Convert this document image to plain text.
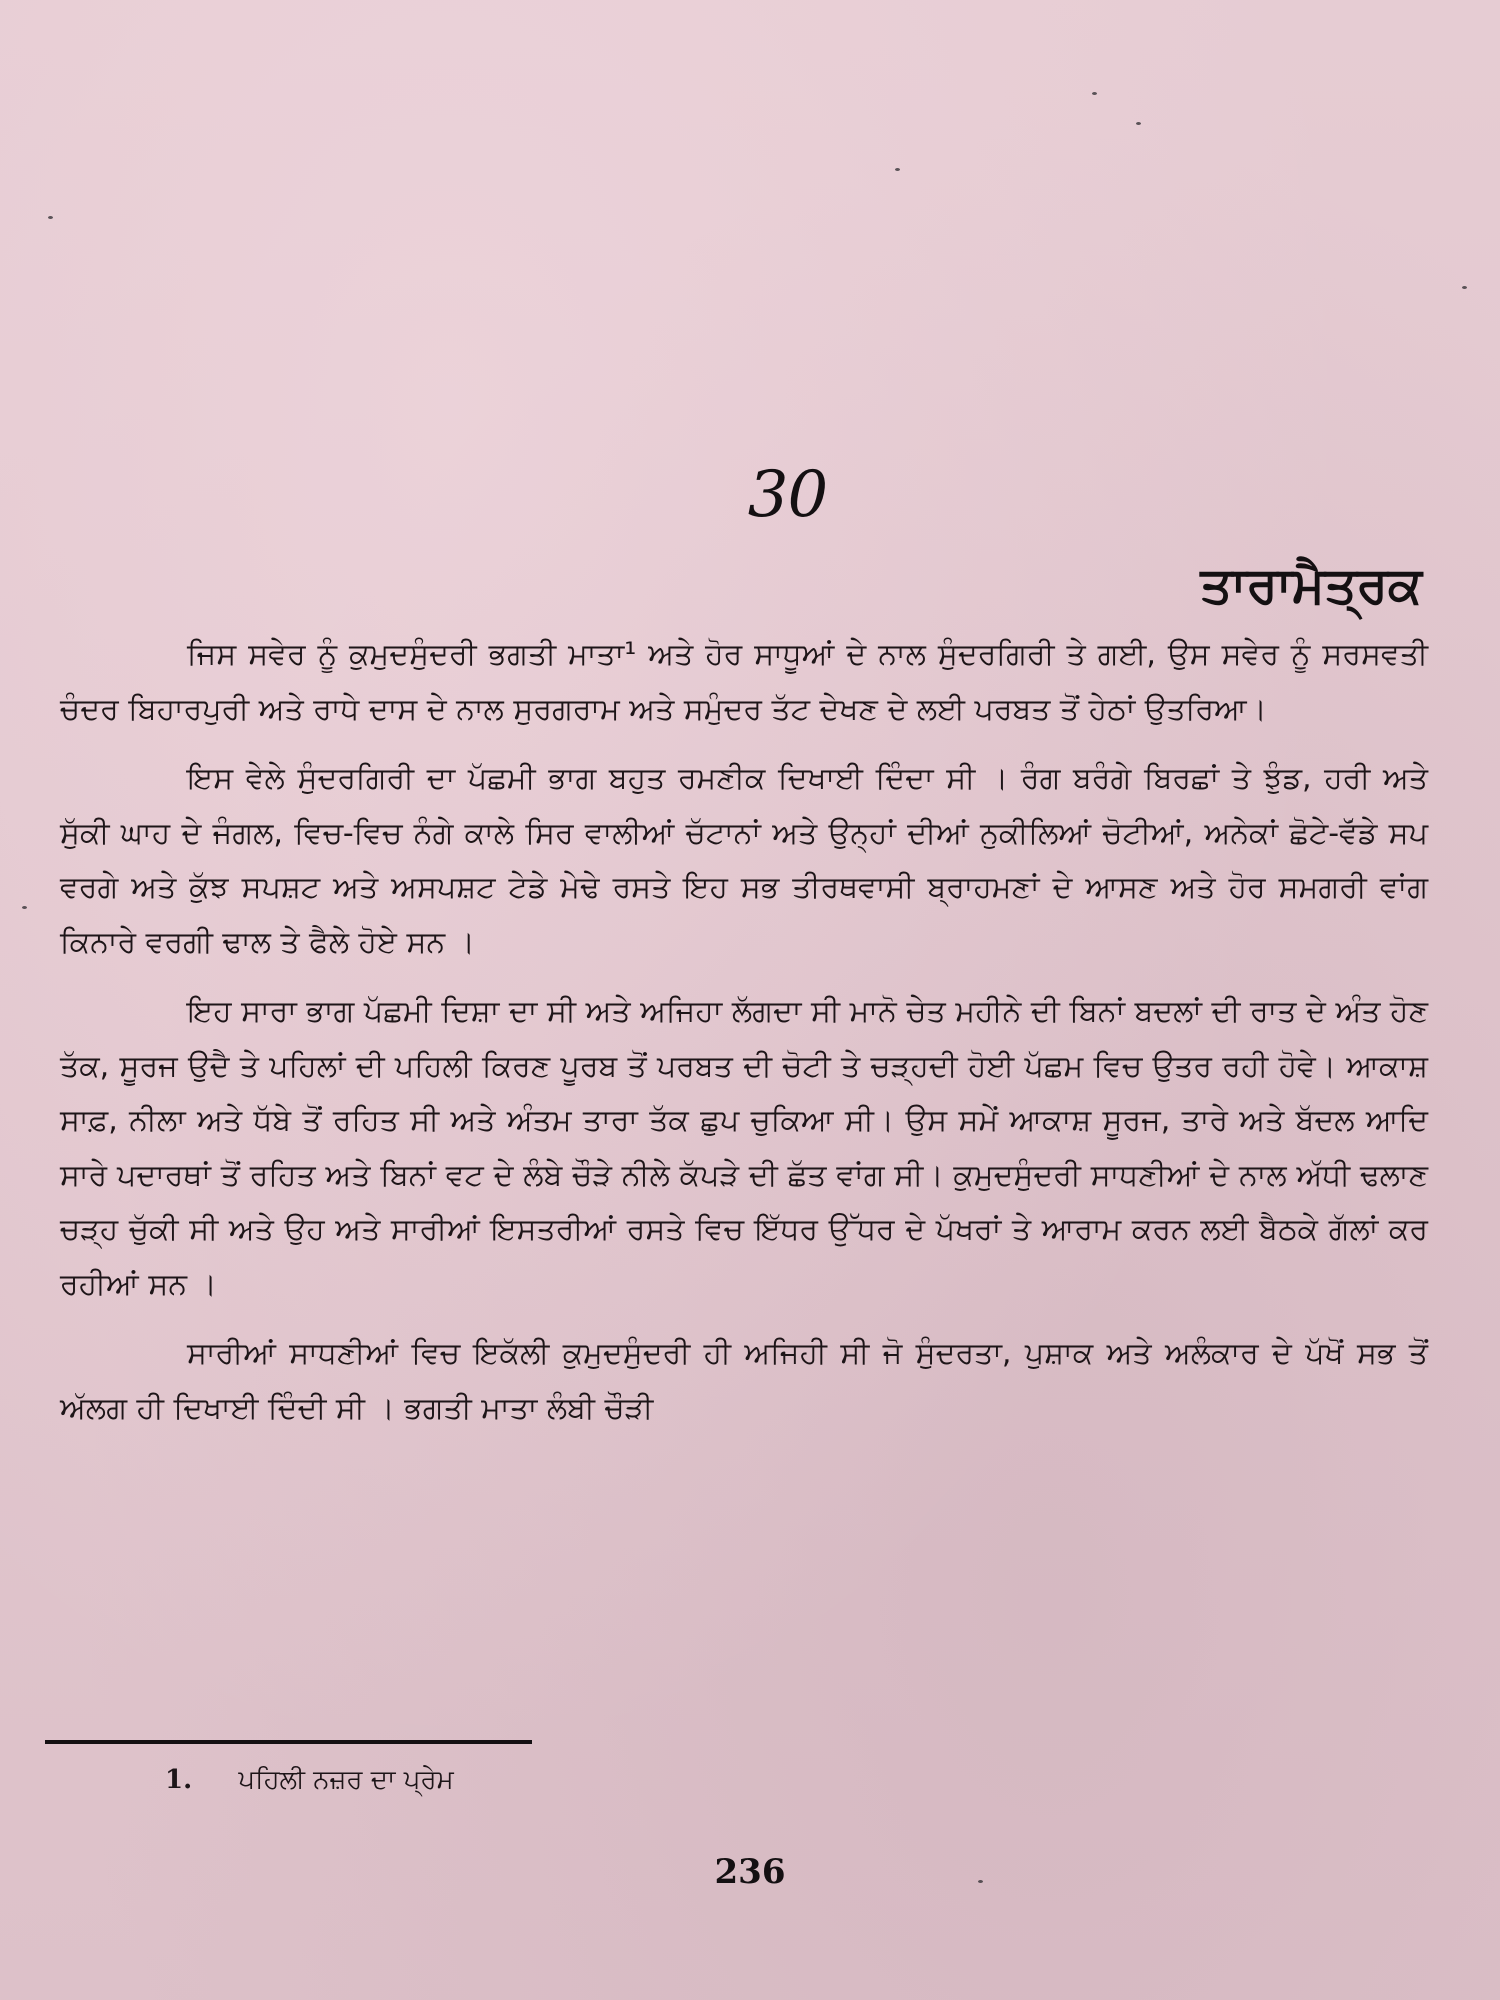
30
ਤਾਰਾਮੈਤ੍ਰਕ

ਜਿਸ ਸਵੇਰ ਨੂੰ ਕੁਮੁਦਸੁੰਦਰੀ ਭਗਤੀ ਮਾਤਾ¹ ਅਤੇ ਹੋਰ ਸਾਧੂਆਂ ਦੇ ਨਾਲ ਸੁੰਦਰਗਿਰੀ ਤੇ ਗਈ, ਉਸ ਸਵੇਰ ਨੂੰ ਸਰਸਵਤੀ ਚੰਦਰ ਬਿਹਾਰਪੁਰੀ ਅਤੇ ਰਾਧੇ ਦਾਸ ਦੇ ਨਾਲ ਸੁਰਗਰਾਮ ਅਤੇ ਸਮੁੰਦਰ ਤੱਟ ਦੇਖਣ ਦੇ ਲਈ ਪਰਬਤ ਤੋਂ ਹੇਠਾਂ ਉਤਰਿਆ।

ਇਸ ਵੇਲੇ ਸੁੰਦਰਗਿਰੀ ਦਾ ਪੱਛਮੀ ਭਾਗ ਬਹੁਤ ਰਮਣੀਕ ਦਿਖਾਈ ਦਿੰਦਾ ਸੀ । ਰੰਗ ਬਰੰਗੇ ਬਿਰਛਾਂ ਤੇ ਝੁੰਡ, ਹਰੀ ਅਤੇ ਸੁੱਕੀ ਘਾਹ ਦੇ ਜੰਗਲ, ਵਿਚ-ਵਿਚ ਨੰਗੇ ਕਾਲੇ ਸਿਰ ਵਾਲੀਆਂ ਚੱਟਾਨਾਂ ਅਤੇ ਉਨ੍ਹਾਂ ਦੀਆਂ ਨੁਕੀਲਿਆਂ ਚੋਟੀਆਂ, ਅਨੇਕਾਂ ਛੋਟੇ-ਵੱਡੇ ਸਪ ਵਰਗੇ ਅਤੇ ਕੁੱਝ ਸਪਸ਼ਟ ਅਤੇ ਅਸਪਸ਼ਟ ਟੇਡੇ ਮੇਢੇ ਰਸਤੇ ਇਹ ਸਭ ਤੀਰਥਵਾਸੀ ਬ੍ਰਾਹਮਣਾਂ ਦੇ ਆਸਣ ਅਤੇ ਹੋਰ ਸਮਗਰੀ ਵਾਂਗ ਕਿਨਾਰੇ ਵਰਗੀ ਢਾਲ ਤੇ ਫੈਲੇ ਹੋਏ ਸਨ ।

ਇਹ ਸਾਰਾ ਭਾਗ ਪੱਛਮੀ ਦਿਸ਼ਾ ਦਾ ਸੀ ਅਤੇ ਅਜਿਹਾ ਲੱਗਦਾ ਸੀ ਮਾਨੋ ਚੇਤ ਮਹੀਨੇ ਦੀ ਬਿਨਾਂ ਬਦਲਾਂ ਦੀ ਰਾਤ ਦੇ ਅੰਤ ਹੋਣ ਤੱਕ, ਸੂਰਜ ਉਦੈ ਤੇ ਪਹਿਲਾਂ ਦੀ ਪਹਿਲੀ ਕਿਰਣ ਪੂਰਬ ਤੋਂ ਪਰਬਤ ਦੀ ਚੋਟੀ ਤੇ ਚੜ੍ਹਦੀ ਹੋਈ ਪੱਛਮ ਵਿਚ ਉਤਰ ਰਹੀ ਹੋਵੇ। ਆਕਾਸ਼ ਸਾਫ਼, ਨੀਲਾ ਅਤੇ ਧੱਬੇ ਤੋਂ ਰਹਿਤ ਸੀ ਅਤੇ ਅੰਤਮ ਤਾਰਾ ਤੱਕ ਛੁਪ ਚੁਕਿਆ ਸੀ। ਉਸ ਸਮੇਂ ਆਕਾਸ਼ ਸੂਰਜ, ਤਾਰੇ ਅਤੇ ਬੱਦਲ ਆਦਿ ਸਾਰੇ ਪਦਾਰਥਾਂ ਤੋਂ ਰਹਿਤ ਅਤੇ ਬਿਨਾਂ ਵਟ ਦੇ ਲੰਬੇ ਚੌੜੇ ਨੀਲੇ ਕੱਪੜੇ ਦੀ ਛੱਤ ਵਾਂਗ ਸੀ। ਕੁਮੁਦਸੁੰਦਰੀ ਸਾਧਣੀਆਂ ਦੇ ਨਾਲ ਅੱਧੀ ਢਲਾਣ ਚੜ੍ਹ ਚੁੱਕੀ ਸੀ ਅਤੇ ਉਹ ਅਤੇ ਸਾਰੀਆਂ ਇਸਤਰੀਆਂ ਰਸਤੇ ਵਿਚ ਇੱਧਰ ਉੱਧਰ ਦੇ ਪੱਖਰਾਂ ਤੇ ਆਰਾਮ ਕਰਨ ਲਈ ਬੈਠਕੇ ਗੱਲਾਂ ਕਰ ਰਹੀਆਂ ਸਨ ।

ਸਾਰੀਆਂ ਸਾਧਣੀਆਂ ਵਿਚ ਇਕੱਲੀ ਕੁਮੁਦਸੁੰਦਰੀ ਹੀ ਅਜਿਹੀ ਸੀ ਜੋ ਸੁੰਦਰਤਾ, ਪੁਸ਼ਾਕ ਅਤੇ ਅਲੰਕਾਰ ਦੇ ਪੱਖੋਂ ਸਭ ਤੋਂ ਅੱਲਗ ਹੀ ਦਿਖਾਈ ਦਿੰਦੀ ਸੀ । ਭਗਤੀ ਮਾਤਾ ਲੰਬੀ ਚੌੜੀ

1. ਪਹਿਲੀ ਨਜ਼ਰ ਦਾ ਪ੍ਰੇਮ
236
